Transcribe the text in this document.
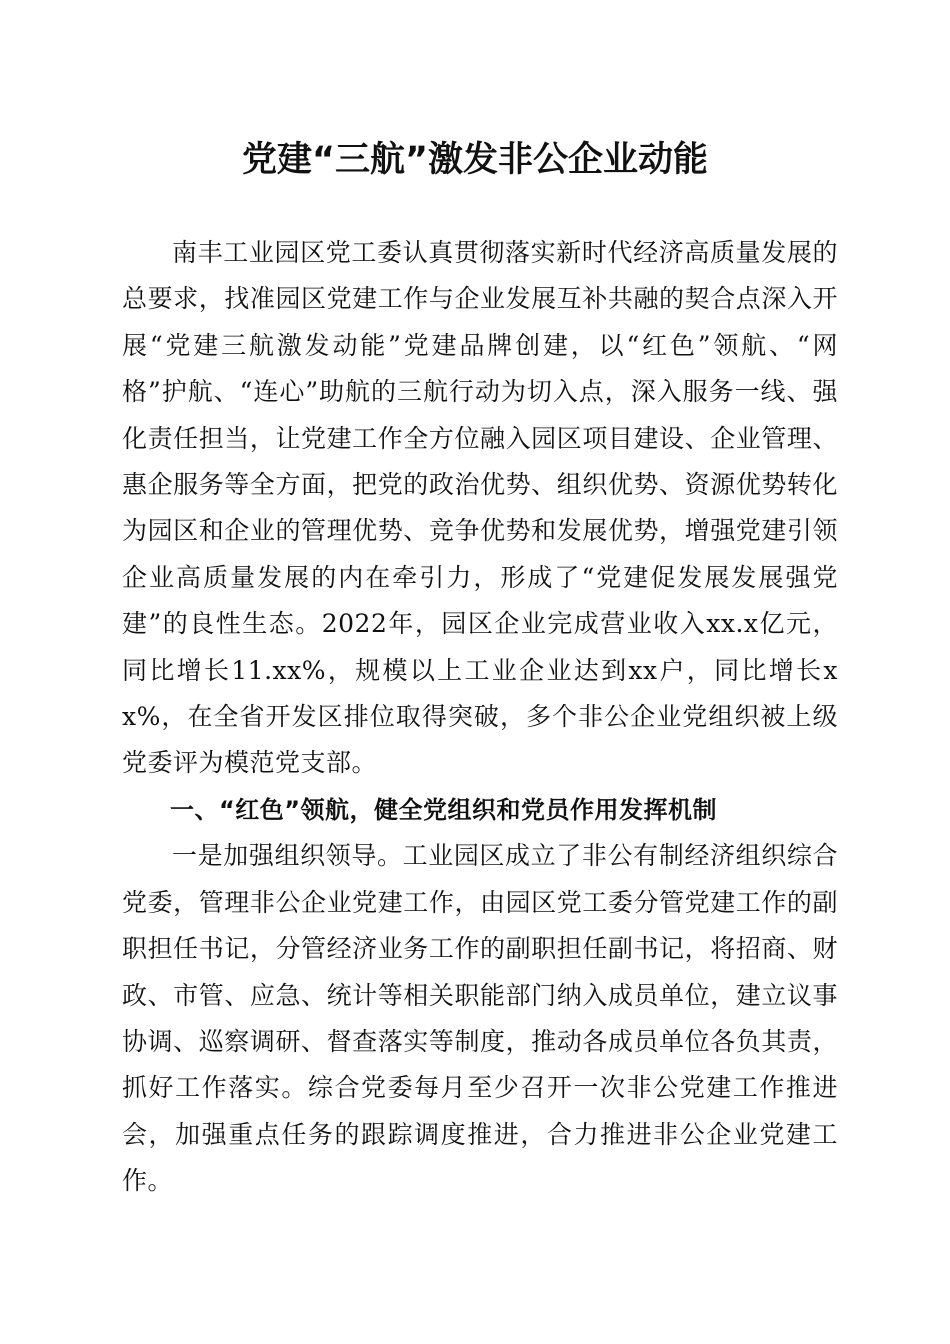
党建“三航”激发非公企业动能

南丰工业园区党工委认真贯彻落实新时代经济高质量发展的总要求，找准园区党建工作与企业发展互补共融的契合点深入开展“党建三航激发动能”党建品牌创建，以“红色”领航、“网格”护航、“连心”助航的三航行动为切入点，深入服务一线、强化责任担当，让党建工作全方位融入园区项目建设、企业管理、惠企服务等全方面，把党的政治优势、组织优势、资源优势转化为园区和企业的管理优势、竞争优势和发展优势，增强党建引领企业高质量发展的内在牵引力，形成了“党建促发展发展强党建”的良性生态。2022年，园区企业完成营业收入xx.x亿元，同比增长11.xx%，规模以上工业企业达到xx户，同比增长xx%，在全省开发区排位取得突破，多个非公企业党组织被上级党委评为模范党支部。

一、“红色”领航，健全党组织和党员作用发挥机制

一是加强组织领导。工业园区成立了非公有制经济组织综合党委，管理非公企业党建工作，由园区党工委分管党建工作的副职担任书记，分管经济业务工作的副职担任副书记，将招商、财政、市管、应急、统计等相关职能部门纳入成员单位，建立议事协调、巡察调研、督查落实等制度，推动各成员单位各负其责，抓好工作落实。综合党委每月至少召开一次非公党建工作推进会，加强重点任务的跟踪调度推进，合力推进非公企业党建工作。
